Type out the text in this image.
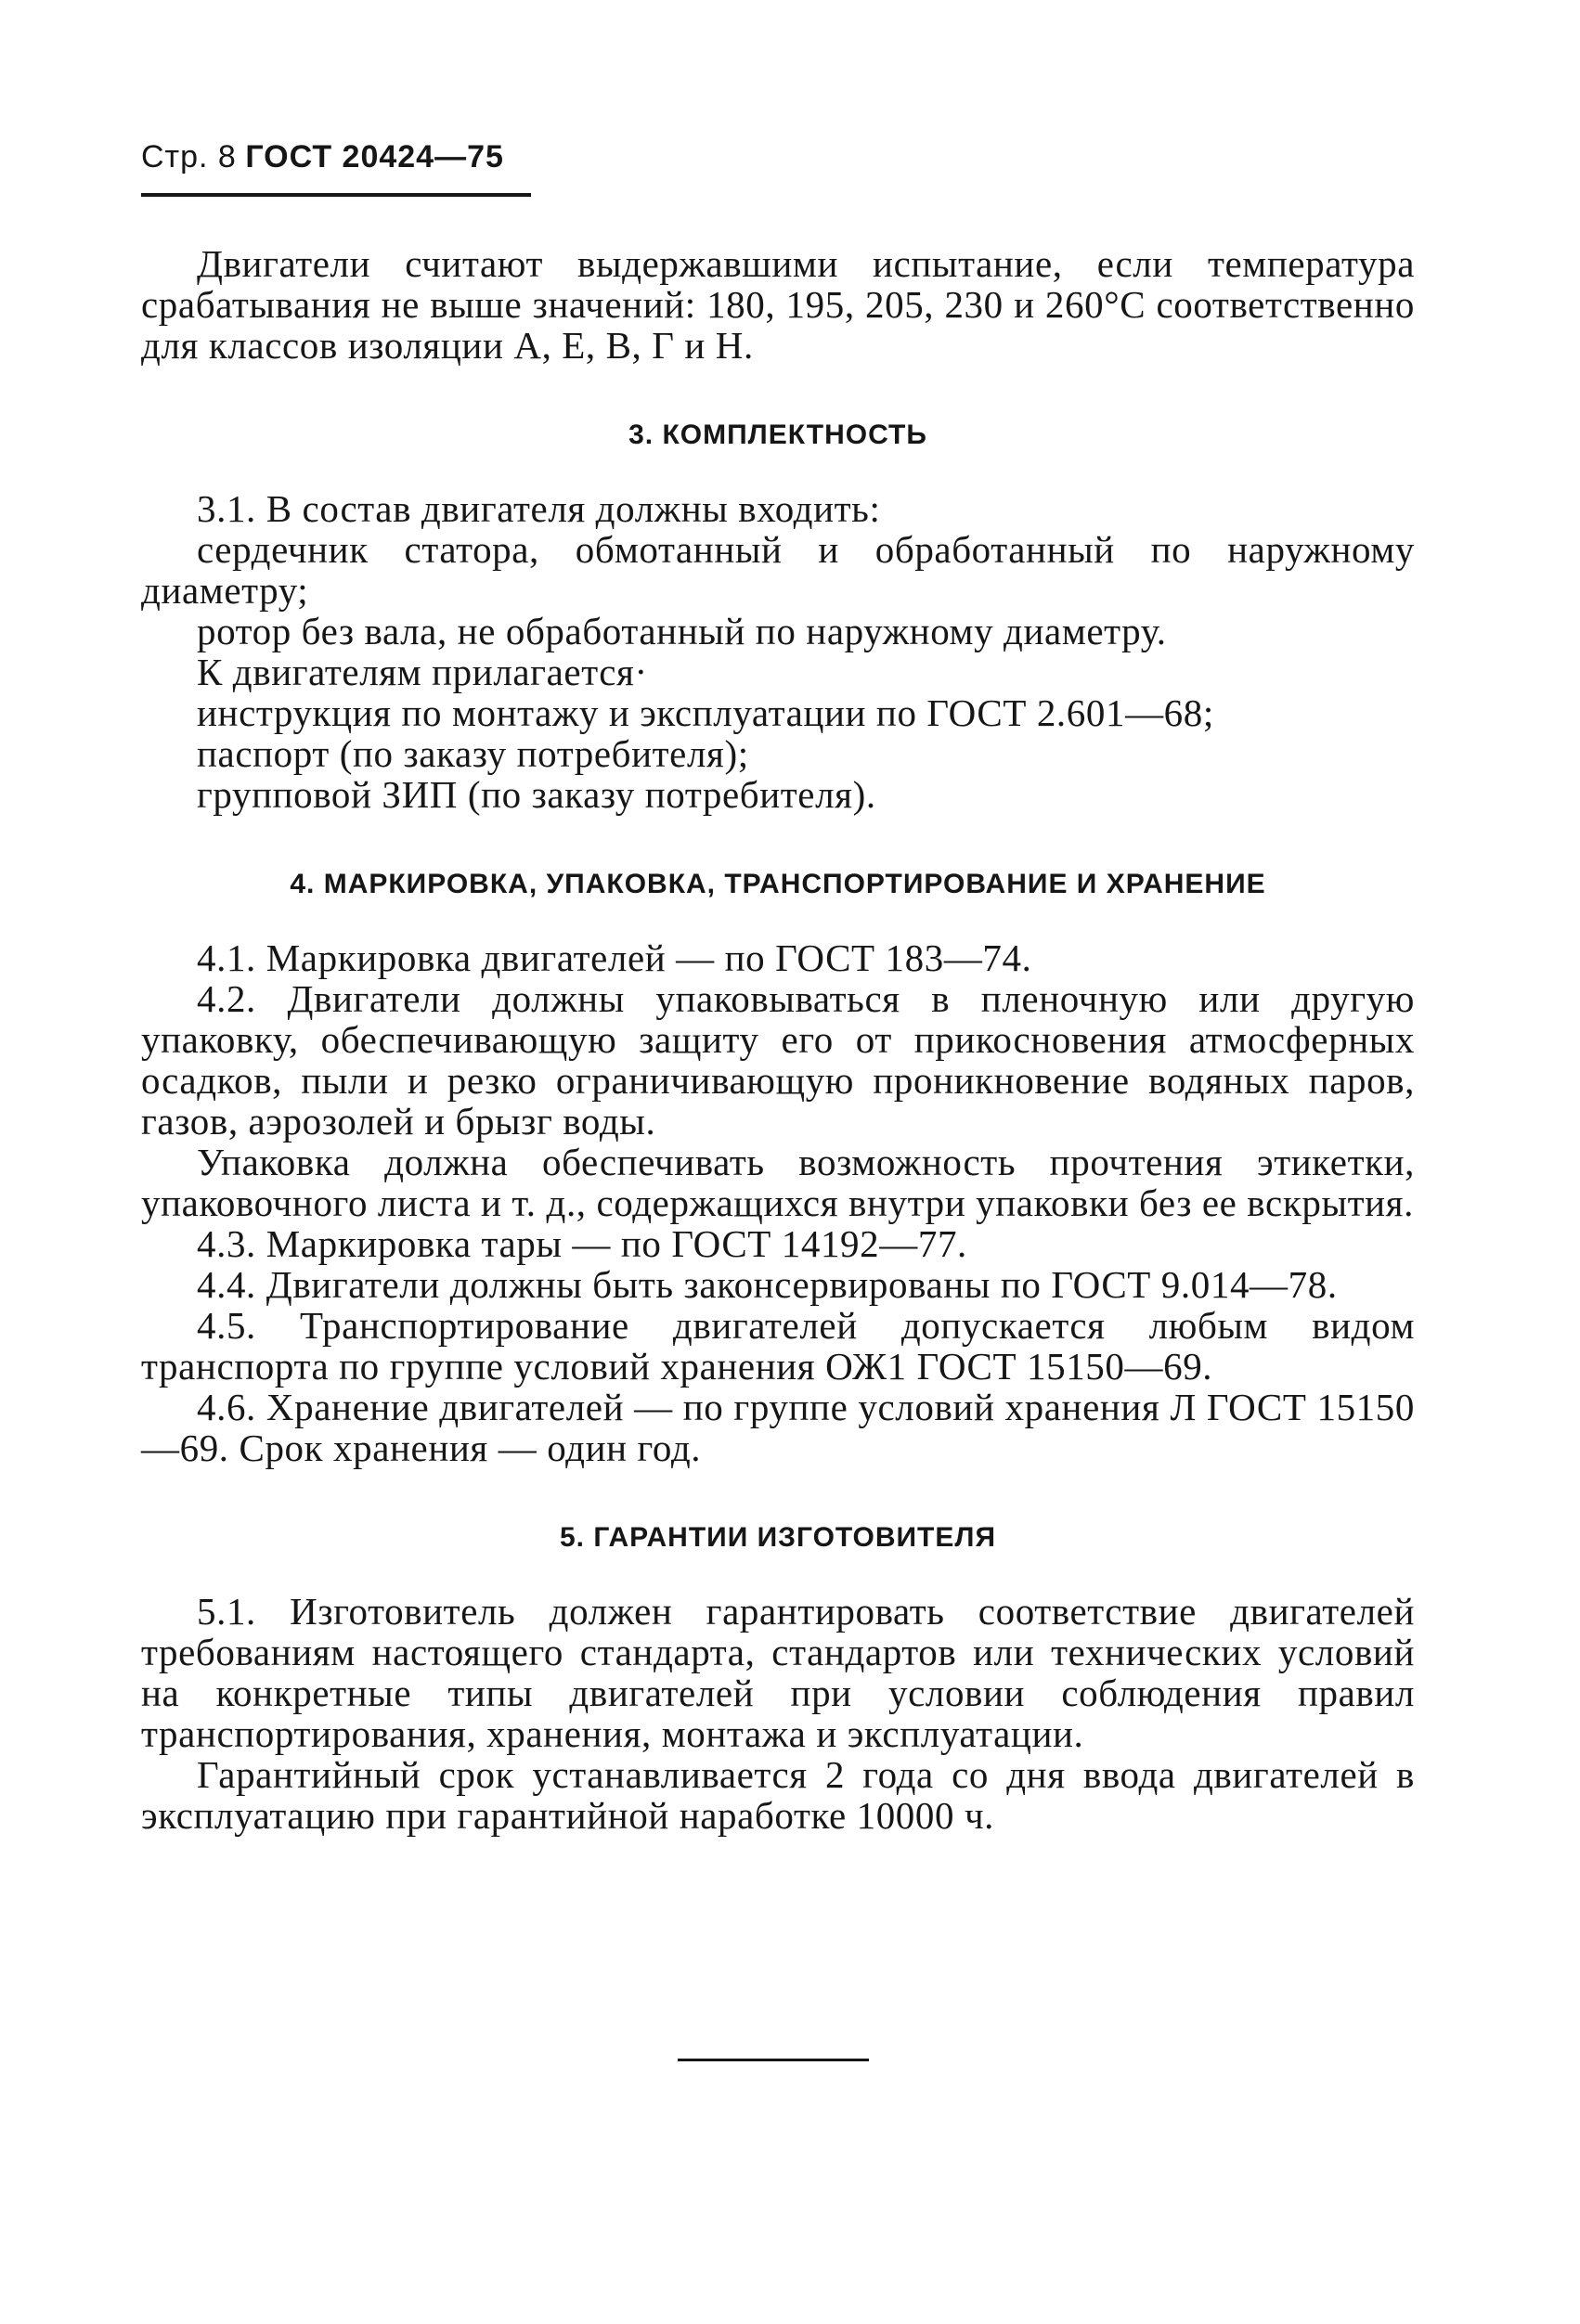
Стр. 8 ГОСТ 20424—75

Двигатели считают выдержавшими испытание, если температура срабатывания не выше значений: 180, 195, 205, 230 и 260°С соответственно для классов изоляции А, Е, В, Г и Н.

3. КОМПЛЕКТНОСТЬ

3.1. В состав двигателя должны входить:

сердечник статора, обмотанный и обработанный по наружному диаметру;

ротор без вала, не обработанный по наружному диаметру.

К двигателям прилагается·

инструкция по монтажу и эксплуатации по ГОСТ 2.601—68;

паспорт (по заказу потребителя);

групповой ЗИП (по заказу потребителя).

4. МАРКИРОВКА, УПАКОВКА, ТРАНСПОРТИРОВАНИЕ И ХРАНЕНИЕ

4.1. Маркировка двигателей — по ГОСТ 183—74.

4.2. Двигатели должны упаковываться в пленочную или другую упаковку, обеспечивающую защиту его от прикосновения атмосферных осадков, пыли и резко ограничивающую проникновение водяных паров, газов, аэрозолей и брызг воды.

Упаковка должна обеспечивать возможность прочтения этикетки, упаковочного листа и т. д., содержащихся внутри упаковки без ее вскрытия.

4.3. Маркировка тары — по ГОСТ 14192—77.

4.4. Двигатели должны быть законсервированы по ГОСТ 9.014—78.

4.5. Транспортирование двигателей допускается любым видом транспорта по группе условий хранения ОЖ1 ГОСТ 15150—69.

4.6. Хранение двигателей — по группе условий хранения Л ГОСТ 15150—69. Срок хранения — один год.

5. ГАРАНТИИ ИЗГОТОВИТЕЛЯ

5.1. Изготовитель должен гарантировать соответствие двигателей требованиям настоящего стандарта, стандартов или технических условий на конкретные типы двигателей при условии соблюдения правил транспортирования, хранения, монтажа и эксплуатации.

Гарантийный срок устанавливается 2 года со дня ввода двигателей в эксплуатацию при гарантийной наработке 10000 ч.
